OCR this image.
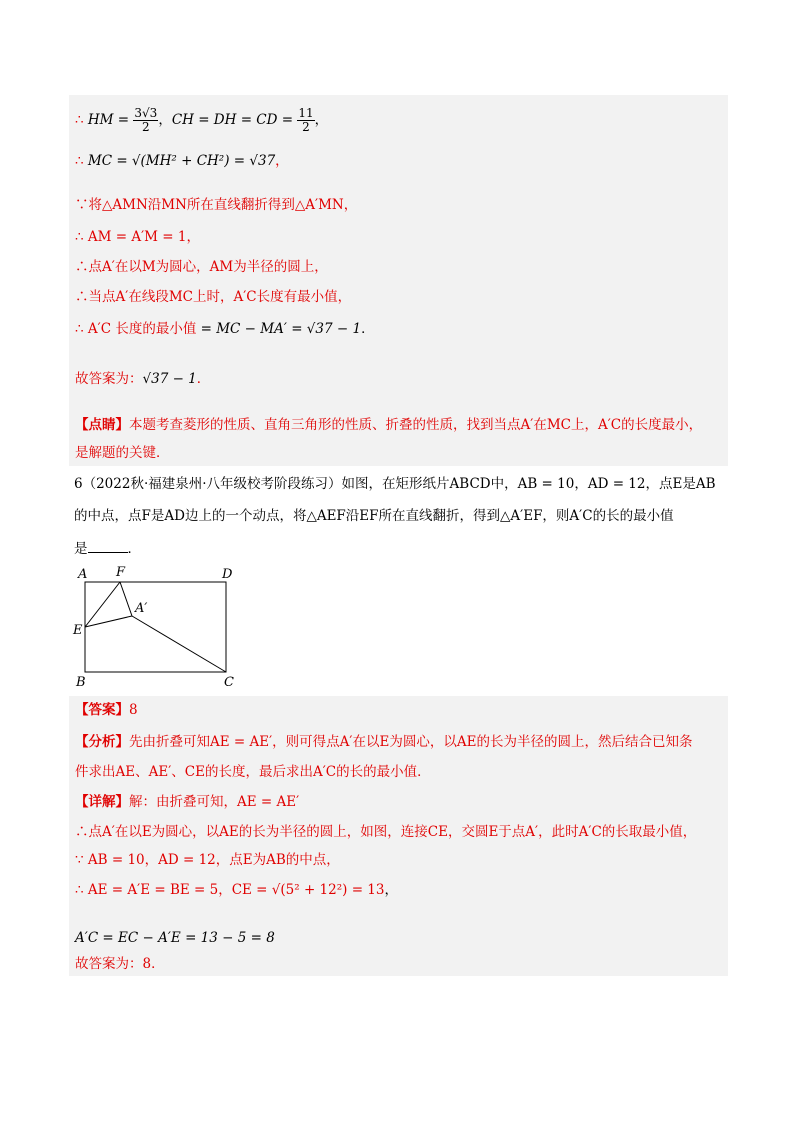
∴ HM = $\frac{3√3}{2}$ ，CH = DH = CD = $\frac{11}{2}$ ，
∴ MC = √(MH² + CH²) = √37，
∵将△AMN沿MN所在直线翻折得到△A′MN，
∴ AM = A′M = 1，
∴点A′在以M为圆心，AM为半径的圆上，
∴当点A′在线段MC上时，A′C长度有最小值，
∴ A′C 长度的最小值 = MC − MA′ = √37 − 1．
故答案为：√37 − 1．
【点睛】本题考查菱形的性质、直角三角形的性质、折叠的性质，找到当点A′在MC上，A′C的长度最小，
是解题的关键．
6（2022秋·福建泉州·八年级校考阶段练习）如图，在矩形纸片ABCD中，AB = 10，AD = 12，点E是AB
的中点，点F是AD边上的一个动点，将△AEF沿EF所在直线翻折，得到△A′EF，则A′C的长的最小值
是	．
A F	D
A′
E
B	C
【答案】8
【分析】先由折叠可知AE = AE′，则可得点A′在以E为圆心，以AE的长为半径的圆上，然后结合已知条
件求出AE、AE′、CE的长度，最后求出A′C的长的最小值．
【详解】解：由折叠可知，AE = AE′
∴点A′在以E为圆心，以AE的长为半径的圆上，如图，连接CE，交圆E于点A′，此时A′C的长取最小值，
∵ AB = 10，AD = 12，点E为AB的中点，
∴ AE = A′E = BE = 5，CE = √(5² + 12²) = 13，
A′C = EC − A′E = 13 − 5 = 8
故答案为：8．
